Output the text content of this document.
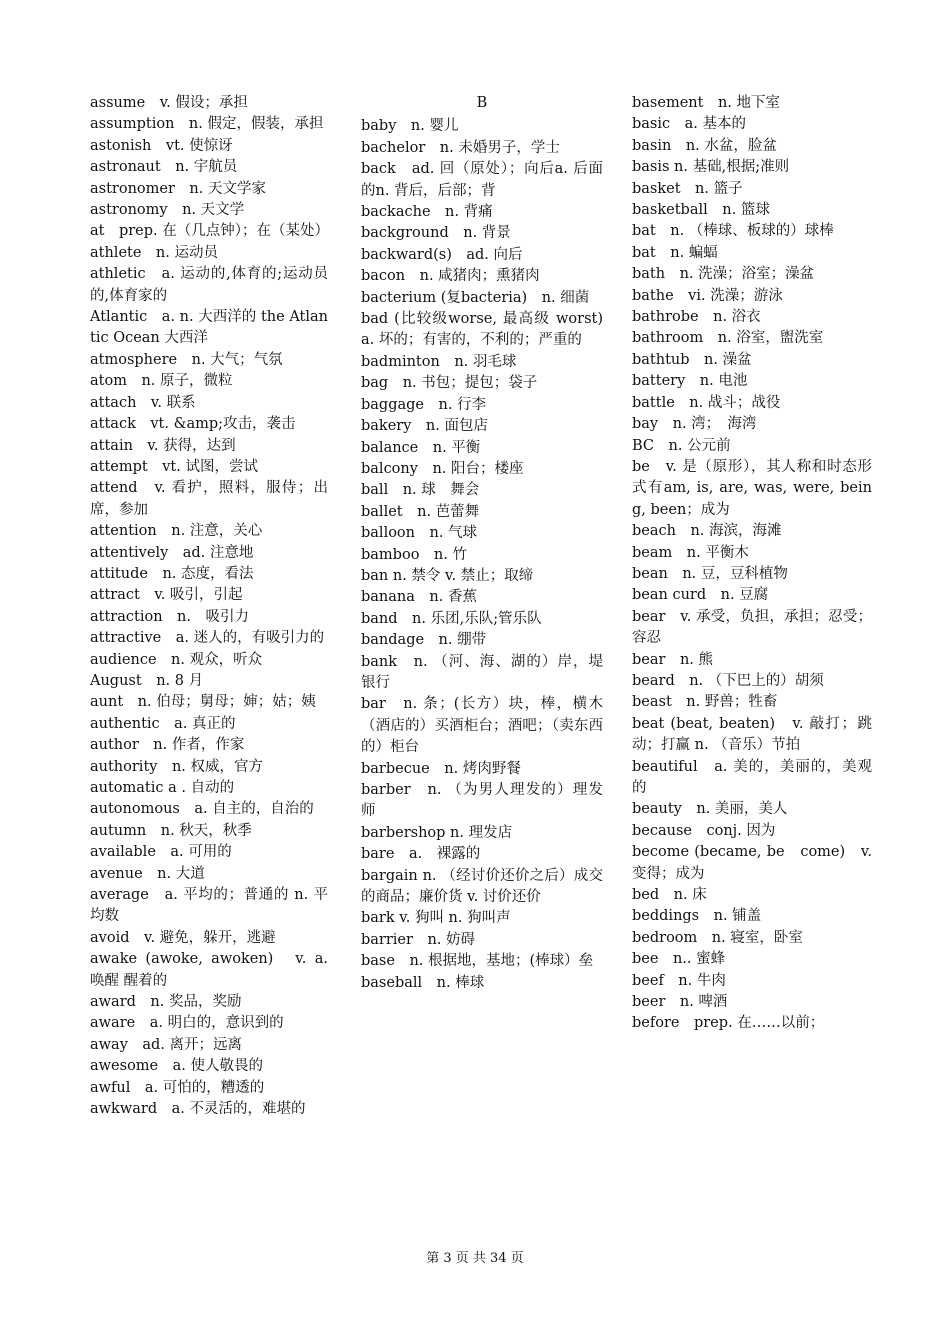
assume　v. 假设；承担
assumption　n. 假定，假装，承担
astonish　vt. 使惊讶
astronaut　n. 宇航员
astronomer　n. 天文学家
astronomy　n. 天文学
at　prep. 在（几点钟）；在（某处）
athlete　n. 运动员
athletic　a. 运动的,体育的;运动员的,体育家的
Atlantic　a. n. 大西洋的 the Atlantic Ocean 大西洋
atmosphere　n. 大气；气氛
atom　n. 原子，微粒
attach　v. 联系
attack　vt. &amp;攻击，袭击
attain　v. 获得，达到
attempt　vt. 试图，尝试
attend　v. 看护，照料，服侍；出席，参加
attention　n. 注意，关心
attentively　ad. 注意地
attitude　n. 态度，看法
attract　v. 吸引，引起
attraction　n.　吸引力
attractive　a. 迷人的，有吸引力的
audience　n. 观众，听众
August　n. 8 月
aunt　n. 伯母；舅母；婶；姑；姨
authentic　a. 真正的
author　n. 作者，作家
authority　n. 权威，官方
automatic a . 自动的
autonomous　a. 自主的，自治的
autumn　n. 秋天，秋季
available　a. 可用的
avenue　n. 大道
average　a. 平均的；普通的 n. 平均数
avoid　v. 避免，躲开，逃避
awake (awoke, awoken)　v. a. 唤醒 醒着的
award　n. 奖品，奖励
aware　a. 明白的，意识到的
away　ad. 离开；远离
awesome　a. 使人敬畏的
awful　a. 可怕的，糟透的
awkward　a. 不灵活的，难堪的
B
baby　n. 婴儿
bachelor　n. 未婚男子，学士
back　ad. 回（原处）；向后a. 后面的n. 背后，后部；背
backache　n. 背痛
background　n. 背景
backward(s)　ad. 向后
bacon　n. 咸猪肉；熏猪肉
bacterium (复bacteria)　n. 细菌
bad (比较级worse, 最高级 worst) a. 坏的；有害的，不利的；严重的
badminton　n. 羽毛球
bag　n. 书包；提包；袋子
baggage　n. 行李
bakery　n. 面包店
balance　n. 平衡
balcony　n. 阳台；楼座
ball　n. 球　舞会
ballet　n. 芭蕾舞
balloon　n. 气球
bamboo　n. 竹
ban n. 禁令 v. 禁止；取缔
banana　n. 香蕉
band　n. 乐团,乐队;管乐队
bandage　n. 绷带
bank　n. （河、海、湖的）岸，堤　银行
bar　n. 条；(长方）块，棒，横木　（酒店的）买酒柜台；酒吧；（卖东西的）柜台
barbecue　n. 烤肉野餐
barber　n. （为男人理发的）理发师
barbershop n. 理发店
bare　a.　裸露的
bargain n. （经讨价还价之后）成交的商品；廉价货 v. 讨价还价
bark v. 狗叫 n. 狗叫声
barrier　n. 妨碍
base　n. 根据地，基地；(棒球）垒
baseball　n. 棒球
basement　n. 地下室
basic　a. 基本的
basin　n. 水盆，脸盆
basis n. 基础,根据;准则
basket　n. 篮子
basketball　n. 篮球
bat　n. （棒球、板球的）球棒
bat　n. 蝙蝠
bath　n. 洗澡；浴室；澡盆
bathe　vi. 洗澡；游泳
bathrobe　n. 浴衣
bathroom　n. 浴室，盥洗室
bathtub　n. 澡盆
battery　n. 电池
battle　n. 战斗；战役
bay　n. 湾；　海湾
BC　n. 公元前
be　v. 是（原形），其人称和时态形式有am, is, are, was, were, being, been；成为
beach　n. 海滨，海滩
beam　n. 平衡木
bean　n. 豆，豆科植物
bean curd　n. 豆腐
bear　v. 承受，负担，承担；忍受；容忍
bear　n. 熊
beard　n. （下巴上的）胡须
beast　n. 野兽；牲畜
beat (beat, beaten)　v. 敲打；跳动；打赢 n. （音乐）节拍
beautiful　a. 美的，美丽的，美观的
beauty　n. 美丽，美人
because　conj. 因为
become (became, be　come)　v. 变得；成为
bed　n. 床
beddings　n. 铺盖
bedroom　n. 寝室，卧室
bee　n.. 蜜蜂
beef　n. 牛肉
beer　n. 啤酒
before　prep. 在……以前；
第 3 页 共 34 页
